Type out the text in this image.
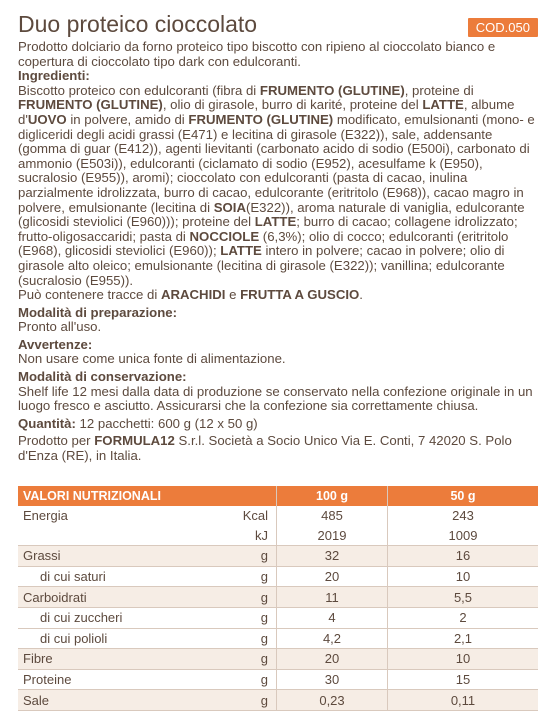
Duo proteico cioccolato	COD.050

Prodotto dolciario da forno proteico tipo biscotto con ripieno al cioccolato bianco e copertura di cioccolato tipo dark con edulcoranti.

Ingredienti:

Biscotto proteico con edulcoranti (fibra di FRUMENTO (GLUTINE), proteine di FRUMENTO (GLUTINE), olio di girasole, burro di karité, proteine del LATTE, albume d'UOVO in polvere, amido di FRUMENTO (GLUTINE) modificato, emulsionanti (mono- e digliceridi degli acidi grassi (E471) e lecitina di girasole (E322)), sale, addensante (gomma di guar (E412)), agenti lievitanti (carbonato acido di sodio (E500i), carbonato di ammonio (E503i)), edulcoranti (ciclamato di sodio (E952), acesulfame k (E950), sucralosio (E955)), aromi); cioccolato con edulcoranti (pasta di cacao, inulina parzialmente idrolizzata, burro di cacao, edulcorante (eritritolo (E968)), cacao magro in polvere, emulsionante (lecitina di SOIA(E322)), aroma naturale di vaniglia, edulcorante (glicosidi steviolici (E960))); proteine del LATTE; burro di cacao; collagene idrolizzato; frutto-oligosaccaridi; pasta di NOCCIOLE (6,3%); olio di cocco; edulcoranti (eritritolo (E968), glicosidi steviolici (E960)); LATTE intero in polvere; cacao in polvere; olio di girasole alto oleico; emulsionante (lecitina di girasole (E322)); vanillina; edulcorante (sucralosio (E955)).

Può contenere tracce di ARACHIDI e FRUTTA A GUSCIO.

Modalità di preparazione:

Pronto all'uso.

Avvertenze:

Non usare come unica fonte di alimentazione.

Modalità di conservazione:

Shelf life 12 mesi dalla data di produzione se conservato nella confezione originale in un luogo fresco e asciutto. Assicurarsi che la confezione sia correttamente chiusa.

Quantità: 12 pacchetti: 600 g (12 x 50 g)

Prodotto per FORMULA12 S.r.l. Società a Socio Unico Via E. Conti, 7 42020 S. Polo d'Enza (RE), in Italia.

VALORI NUTRIZIONALI		100 g	50 g
Energia	Kcal	485	243
	kJ	2019	1009
Grassi	g	32	16
di cui saturi	g	20	10
Carboidrati	g	11	5,5
di cui zuccheri	g	4	2
di cui polioli	g	4,2	2,1
Fibre	g	20	10
Proteine	g	30	15
Sale	g	0,23	0,11
